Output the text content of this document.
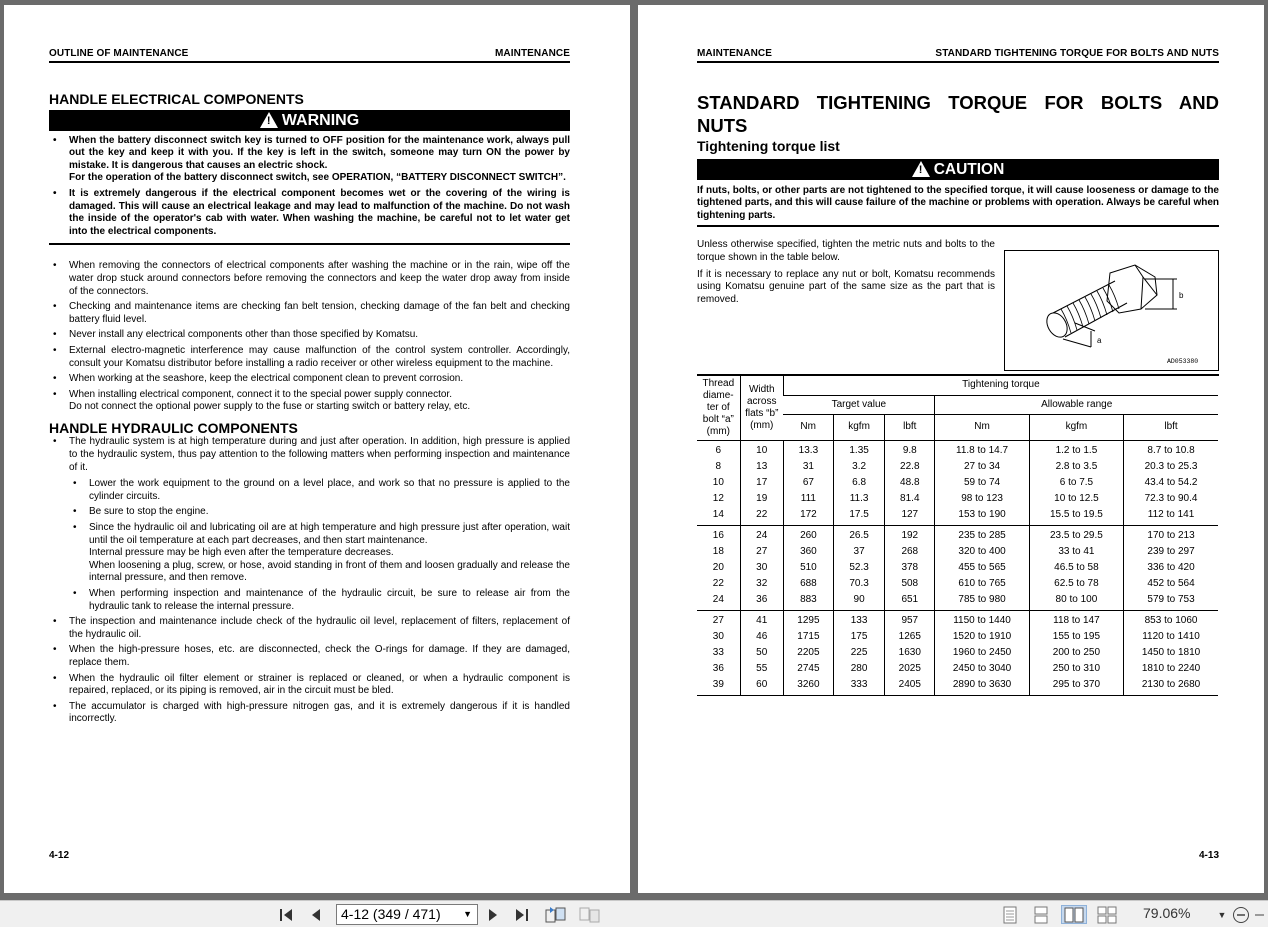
OUTLINE OF MAINTENANCE	MAINTENANCE
HANDLE ELECTRICAL COMPONENTS
!
WARNING
• When the battery disconnect switch key is turned to OFF position for the maintenance work, always pull out the key and keep it with you. If the key is left in the switch, someone may turn ON the power by mistake. It is dangerous that causes an electric shock.
For the operation of the battery disconnect switch, see OPERATION, “BATTERY DISCONNECT SWITCH”.
• It is extremely dangerous if the electrical component becomes wet or the covering of the wiring is damaged. This will cause an electrical leakage and may lead to malfunction of the machine. Do not wash the inside of the operator's cab with water. When washing the machine, be careful not to let water get into the electrical components.
• When removing the connectors of electrical components after washing the machine or in the rain, wipe off the water drop stuck around connectors before removing the connectors and keep the water drop away from inside of the connectors.
• Checking and maintenance items are checking fan belt tension, checking damage of the fan belt and checking battery fluid level.
• Never install any electrical components other than those specified by Komatsu.
• External electro-magnetic interference may cause malfunction of the control system controller. Accordingly, consult your Komatsu distributor before installing a radio receiver or other wireless equipment to the machine.
• When working at the seashore, keep the electrical component clean to prevent corrosion.
• When installing electrical component, connect it to the special power supply connector.
Do not connect the optional power supply to the fuse or starting switch or battery relay, etc.
HANDLE HYDRAULIC COMPONENTS
• The hydraulic system is at high temperature during and just after operation. In addition, high pressure is applied to the hydraulic system, thus pay attention to the following matters when performing inspection and maintenance of it.
• Lower the work equipment to the ground on a level place, and work so that no pressure is applied to the cylinder circuits.
• Be sure to stop the engine.
• Since the hydraulic oil and lubricating oil are at high temperature and high pressure just after operation, wait until the oil temperature at each part decreases, and then start maintenance.
Internal pressure may be high even after the temperature decreases.
When loosening a plug, screw, or hose, avoid standing in front of them and loosen gradually and release the internal pressure, and then remove.
• When performing inspection and maintenance of the hydraulic circuit, be sure to release air from the hydraulic tank to release the internal pressure.
• The inspection and maintenance include check of the hydraulic oil level, replacement of filters, replacement of the hydraulic oil.
• When the high-pressure hoses, etc. are disconnected, check the O-rings for damage. If they are damaged, replace them.
• When the hydraulic oil filter element or strainer is replaced or cleaned, or when a hydraulic component is repaired, replaced, or its piping is removed, air in the circuit must be bled.
• The accumulator is charged with high-pressure nitrogen gas, and it is extremely dangerous if it is handled incorrectly.
4-12
MAINTENANCE	STANDARD TIGHTENING TORQUE FOR BOLTS AND NUTS
STANDARD TIGHTENING TORQUE FOR BOLTS AND NUTS
Tightening torque list
!
CAUTION
If nuts, bolts, or other parts are not tightened to the specified torque, it will cause looseness or damage to the tightened parts, and this will cause failure of the machine or problems with operation. Always be careful when tightening parts.
Unless otherwise specified, tighten the metric nuts and bolts to the torque shown in the table below.
If it is necessary to replace any nut or bolt, Komatsu recommends using Komatsu genuine part of the same size as the part that is removed.	b
a
AD053380
Thread diame- ter of bolt “a” (mm)	Width across flats “b” (mm)	Tightening torque					
		Target value			Allowable range		
		Nm	kgfm	lbft	Nm	kgfm	lbft
6	10	13.3	1.35	9.8	11.8 to 14.7	1.2 to 1.5	8.7 to 10.8
8	13	31	3.2	22.8	27 to 34	2.8 to 3.5	20.3 to 25.3
10	17	67	6.8	48.8	59 to 74	6 to 7.5	43.4 to 54.2
12	19	111	11.3	81.4	98 to 123	10 to 12.5	72.3 to 90.4
14	22	172	17.5	127	153 to 190	15.5 to 19.5	112 to 141
16	24	260	26.5	192	235 to 285	23.5 to 29.5	170 to 213
18	27	360	37	268	320 to 400	33 to 41	239 to 297
20	30	510	52.3	378	455 to 565	46.5 to 58	336 to 420
22	32	688	70.3	508	610 to 765	62.5 to 78	452 to 564
24	36	883	90	651	785 to 980	80 to 100	579 to 753
27	41	1295	133	957	1150 to 1440	118 to 147	853 to 1060
30	46	1715	175	1265	1520 to 1910	155 to 195	1120 to 1410
33	50	2205	225	1630	1960 to 2450	200 to 250	1450 to 1810
36	55	2745	280	2025	2450 to 3040	250 to 310	1810 to 2240
39	60	3260	333	2405	2890 to 3630	295 to 370	2130 to 2680
4-13
4-12 (349 / 471) ▼	79.06%	▼
